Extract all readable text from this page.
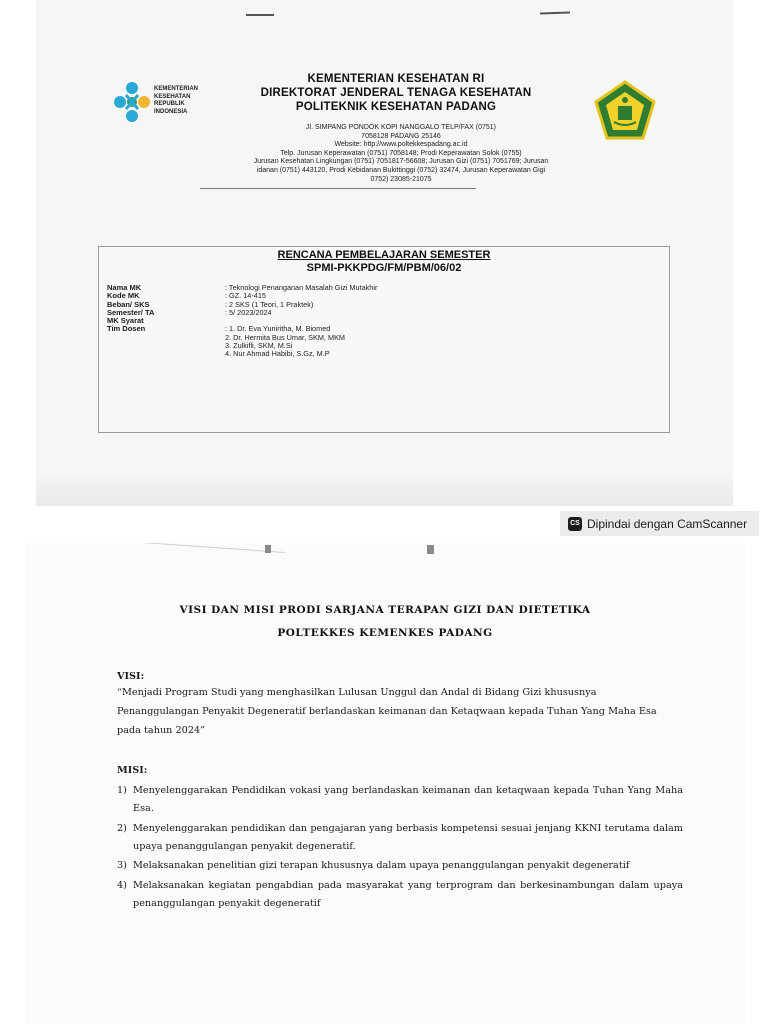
KEMENTERIAN
KESEHATAN
REPUBLIK
INDONESIA
KEMENTERIAN KESEHATAN RI
DIREKTORAT JENDERAL TENAGA KESEHATAN
POLITEKNIK KESEHATAN PADANG
Jl. SIMPANG PONDOK KOPI NANGGALO TELP/FAX (0751)
7058128 PADANG 25146
Website: http://www.poltekkespadang.ac.id
Telp. Jurusan Keperawatan (0751) 7058148; Prodi Keperawatan Solok (0755)
Jurusan Kesehatan Lingkungan (0751) 7051817-56608; Jurusan Gizi (0751) 7051769; Jurusan
idanan (0751) 443120, Prodi Kebidanan Bukittinggi (0752) 32474, Jurusan Keperawatan Gigi
0752) 23085-21075
RENCANA PEMBELAJARAN SEMESTER
SPMI-PKKPDG/FM/PBM/06/02
Nama MK
Kode MK
Beban/ SKS
Semester/ TA
MK Syarat
Tim Dosen
: Teknologi Penanganan Masalah Gizi Mutakhir
: GZ. 14-415
: 2 SKS (1 Teori, 1 Praktek)
: 5/ 2023/2024
: 1. Dr. Eva Yuniritha, M. Biomed
2. Dr. Hermita Bus Umar, SKM, MKM
3. Zulkifli, SKM, M.Si
4. Nur Ahmad Habibi, S.Gz, M.P
CS Dipindai dengan CamScanner
VISI DAN MISI PRODI SARJANA TERAPAN GIZI DAN DIETETIKA
POLTEKKES KEMENKES PADANG
VISI:
“Menjadi Program Studi yang menghasilkan Lulusan Unggul dan Andal di Bidang Gizi khususnya
Penanggulangan Penyakit Degeneratif berlandaskan keimanan dan Ketaqwaan kepada Tuhan Yang Maha Esa
pada tahun 2024”
MISI:
1) Menyelenggarakan Pendidikan vokasi yang berlandaskan keimanan dan ketaqwaan kepada Tuhan Yang Maha Esa.
2) Menyelenggarakan pendidikan dan pengajaran yang berbasis kompetensi sesuai jenjang KKNI terutama dalam upaya penanggulangan penyakit degeneratif.
3) Melaksanakan penelitian gizi terapan khususnya dalam upaya penanggulangan penyakit degeneratif
4) Melaksanakan kegiatan pengabdian pada masyarakat yang terprogram dan berkesinambungan dalam upaya penanggulangan penyakit degeneratif
